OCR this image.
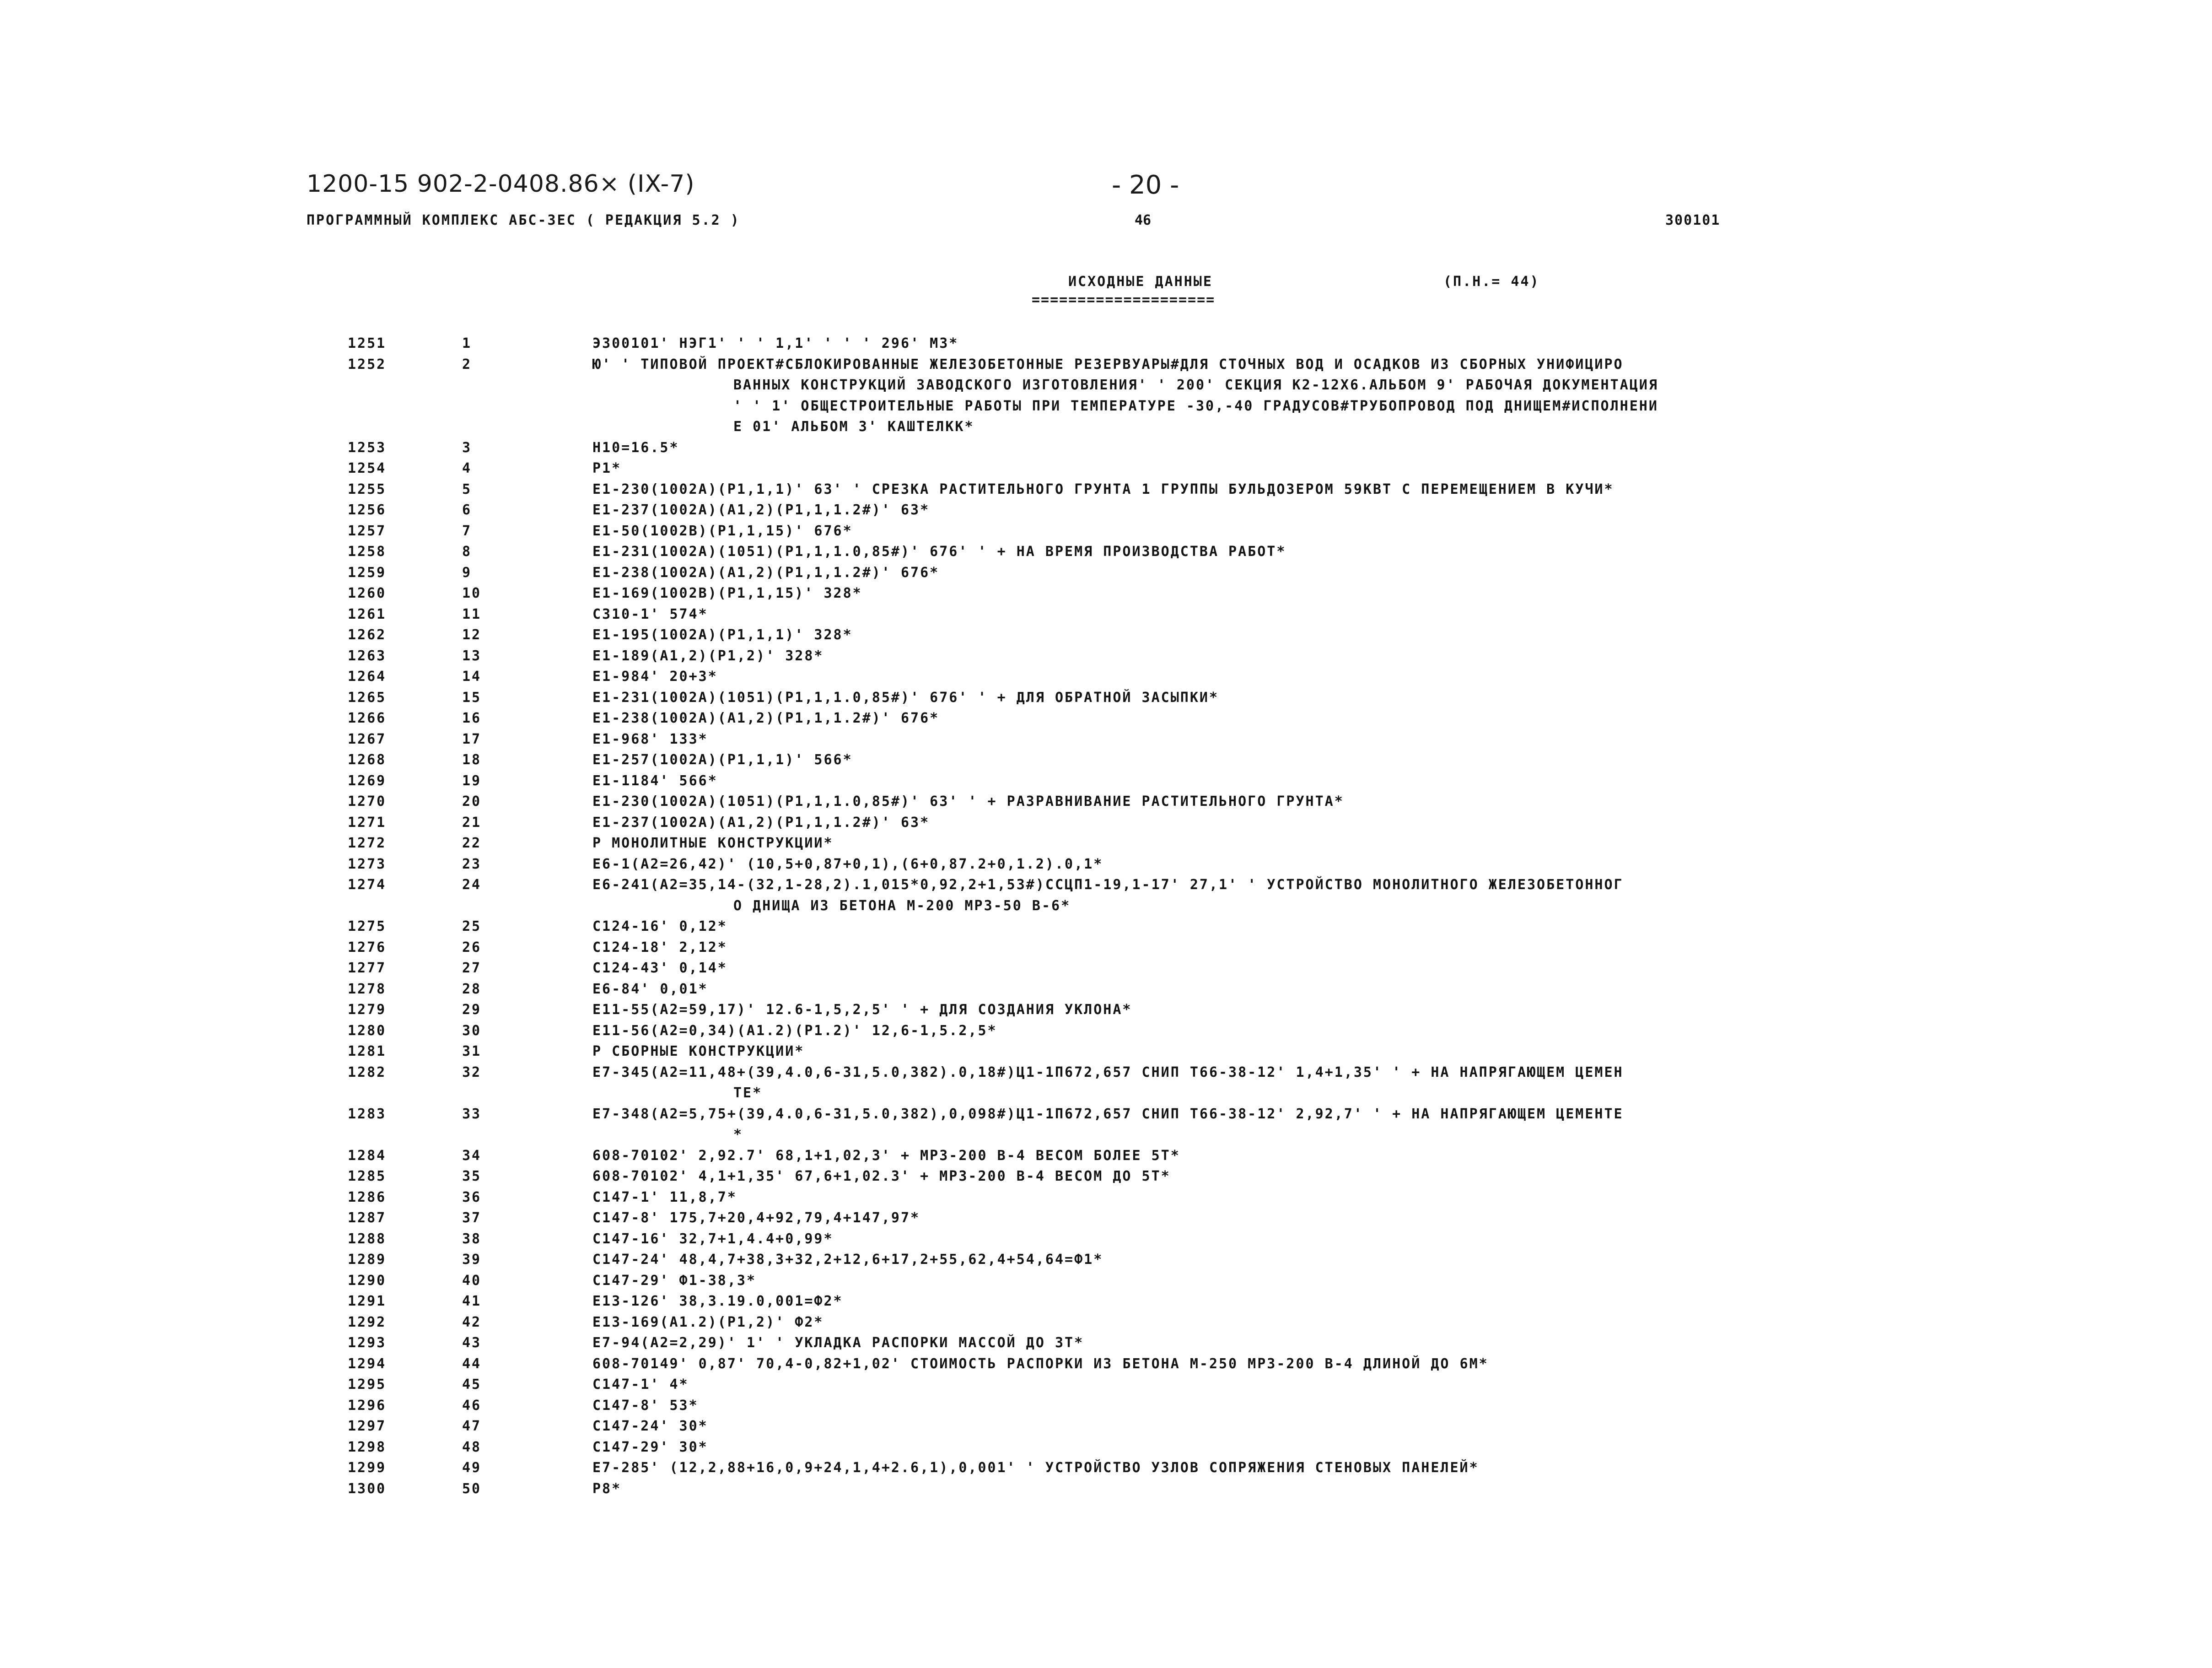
1200-15 902-2-0408.86× (IX-7)	- 20 -
ПРОГРАММНЫЙ КОМПЛЕКС АБС-ЗЕС ( РЕДАКЦИЯ 5.2 )	46	300101
ИСХОДНЫЕ ДАННЫЕ
====================
(П.Н.= 44)
1251	1	Э300101' НЭГ1' ' ' 1,1' ' ' ' 296' МЗ*
1252	2	Ю' ' ТИПОВОЙ ПРОЕКТ#СБЛОКИРОВАННЫЕ ЖЕЛЕЗОБЕТОННЫЕ РЕЗЕРВУАРЫ#ДЛЯ СТОЧНЫХ ВОД И ОСАДКОВ ИЗ СБОРНЫХ УНИФИЦИРО
ВАННЫХ КОНСТРУКЦИЙ ЗАВОДСКОГО ИЗГОТОВЛЕНИЯ' ' 200' СЕКЦИЯ К2-12Х6.АЛЬБОМ 9' РАБОЧАЯ ДОКУМЕНТАЦИЯ
' ' 1' ОБЩЕСТРОИТЕЛЬНЫЕ РАБОТЫ ПРИ ТЕМПЕРАТУРЕ -30,-40 ГРАДУСОВ#ТРУБОПРОВОД ПОД ДНИЩЕМ#ИСПОЛНЕНИ
Е 01' АЛЬБОМ 3' КАШТЕЛКК*
1253	3	Н10=16.5*
1254	4	Р1*
1255	5	Е1-230(1002А)(Р1,1,1)' 63' ' СРЕЗКА РАСТИТЕЛЬНОГО ГРУНТА 1 ГРУППЫ БУЛЬДОЗЕРОМ 59КВТ С ПЕРЕМЕЩЕНИЕМ В КУЧИ*
1256	6	Е1-237(1002А)(А1,2)(Р1,1,1.2#)' 63*
1257	7	Е1-50(1002В)(Р1,1,15)' 676*
1258	8	Е1-231(1002А)(1051)(Р1,1,1.0,85#)' 676' ' + НА ВРЕМЯ ПРОИЗВОДСТВА РАБОТ*
1259	9	Е1-238(1002А)(А1,2)(Р1,1,1.2#)' 676*
1260	10	Е1-169(1002В)(Р1,1,15)' 328*
1261	11	С310-1' 574*
1262	12	Е1-195(1002А)(Р1,1,1)' 328*
1263	13	Е1-189(А1,2)(Р1,2)' 328*
1264	14	Е1-984' 20+3*
1265	15	Е1-231(1002А)(1051)(Р1,1,1.0,85#)' 676' ' + ДЛЯ ОБРАТНОЙ ЗАСЫПКИ*
1266	16	Е1-238(1002А)(А1,2)(Р1,1,1.2#)' 676*
1267	17	Е1-968' 133*
1268	18	Е1-257(1002А)(Р1,1,1)' 566*
1269	19	Е1-1184' 566*
1270	20	Е1-230(1002А)(1051)(Р1,1,1.0,85#)' 63' ' + РАЗРАВНИВАНИЕ РАСТИТЕЛЬНОГО ГРУНТА*
1271	21	Е1-237(1002А)(А1,2)(Р1,1,1.2#)' 63*
1272	22	Р МОНОЛИТНЫЕ КОНСТРУКЦИИ*
1273	23	Е6-1(А2=26,42)' (10,5+0,87+0,1),(6+0,87.2+0,1.2).0,1*
1274	24	Е6-241(А2=35,14-(32,1-28,2).1,015*0,92,2+1,53#)ССЦП1-19,1-17' 27,1' ' УСТРОЙСТВО МОНОЛИТНОГО ЖЕЛЕЗОБЕТОННОГ
О ДНИЩА ИЗ БЕТОНА М-200 МРЗ-50 В-6*
1275	25	С124-16' 0,12*
1276	26	С124-18' 2,12*
1277	27	С124-43' 0,14*
1278	28	Е6-84' 0,01*
1279	29	Е11-55(А2=59,17)' 12.6-1,5,2,5' ' + ДЛЯ СОЗДАНИЯ УКЛОНА*
1280	30	Е11-56(А2=0,34)(А1.2)(Р1.2)' 12,6-1,5.2,5*
1281	31	Р СБОРНЫЕ КОНСТРУКЦИИ*
1282	32	Е7-345(А2=11,48+(39,4.0,6-31,5.0,382).0,18#)Ц1-1П672,657 СНИП Т66-38-12' 1,4+1,35' ' + НА НАПРЯГАЮЩЕМ ЦЕМЕН
ТЕ*
1283	33	Е7-348(А2=5,75+(39,4.0,6-31,5.0,382),0,098#)Ц1-1П672,657 СНИП Т66-38-12' 2,92,7' ' + НА НАПРЯГАЮЩЕМ ЦЕМЕНТЕ
*
1284	34	608-70102' 2,92.7' 68,1+1,02,3' + МРЗ-200 В-4 ВЕСОМ БОЛЕЕ 5Т*
1285	35	608-70102' 4,1+1,35' 67,6+1,02.3' + МРЗ-200 В-4 ВЕСОМ ДО 5Т*
1286	36	С147-1' 11,8,7*
1287	37	С147-8' 175,7+20,4+92,79,4+147,97*
1288	38	С147-16' 32,7+1,4.4+0,99*
1289	39	С147-24' 48,4,7+38,3+32,2+12,6+17,2+55,62,4+54,64=Ф1*
1290	40	С147-29' Ф1-38,3*
1291	41	Е13-126' 38,3.19.0,001=Ф2*
1292	42	Е13-169(А1.2)(Р1,2)' Ф2*
1293	43	Е7-94(А2=2,29)' 1' ' УКЛАДКА РАСПОРКИ МАССОЙ ДО 3Т*
1294	44	608-70149' 0,87' 70,4-0,82+1,02' СТОИМОСТЬ РАСПОРКИ ИЗ БЕТОНА М-250 МРЗ-200 В-4 ДЛИНОЙ ДО 6М*
1295	45	С147-1' 4*
1296	46	С147-8' 53*
1297	47	С147-24' 30*
1298	48	С147-29' 30*
1299	49	Е7-285' (12,2,88+16,0,9+24,1,4+2.6,1),0,001' ' УСТРОЙСТВО УЗЛОВ СОПРЯЖЕНИЯ СТЕНОВЫХ ПАНЕЛЕЙ*
1300	50	Р8*
